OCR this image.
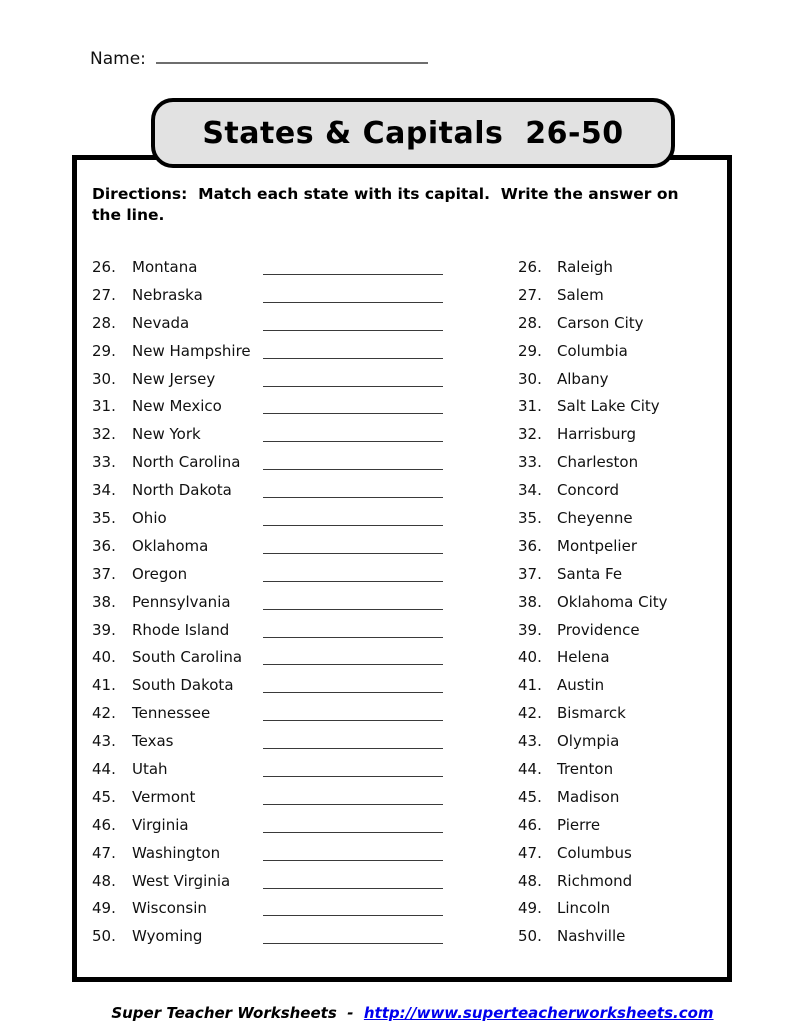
Name:
States & Capitals  26-50
Directions:  Match each state with its capital.  Write the answer on the line.
26.	Montana	26.	Raleigh
27.	Nebraska	27.	Salem
28.	Nevada	28.	Carson City
29.	New Hampshire	29.	Columbia
30.	New Jersey	30.	Albany
31.	New Mexico	31.	Salt Lake City
32.	New York	32.	Harrisburg
33.	North Carolina	33.	Charleston
34.	North Dakota	34.	Concord
35.	Ohio	35.	Cheyenne
36.	Oklahoma	36.	Montpelier
37.	Oregon	37.	Santa Fe
38.	Pennsylvania	38.	Oklahoma City
39.	Rhode Island	39.	Providence
40.	South Carolina	40.	Helena
41.	South Dakota	41.	Austin
42.	Tennessee	42.	Bismarck
43.	Texas	43.	Olympia
44.	Utah	44.	Trenton
45.	Vermont	45.	Madison
46.	Virginia	46.	Pierre
47.	Washington	47.	Columbus
48.	West Virginia	48.	Richmond
49.	Wisconsin	49.	Lincoln
50.	Wyoming	50.	Nashville

Super Teacher Worksheets  -  http://www.superteacherworksheets.com
